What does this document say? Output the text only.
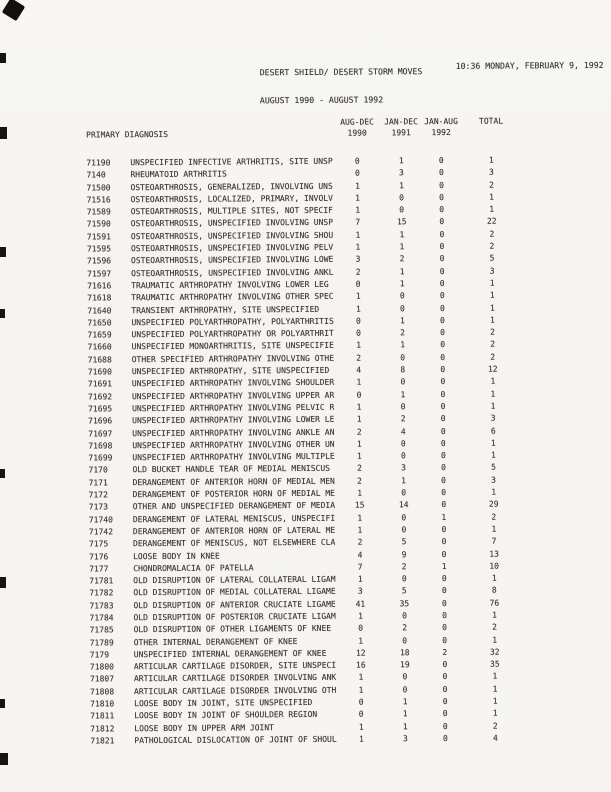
10:36 MONDAY, FEBRUARY 9, 1992
DESERT SHIELD/ DESERT STORM MOVES
AUGUST 1990 - AUGUST 1992
PRIMARY DIAGNOSIS
AUG-DEC
1990
JAN-DEC
1991
JAN-AUG
1992
TOTAL
71190	UNSPECIFIED INFECTIVE ARTHRITIS, SITE UNSP	0	1	0	1
7140	RHEUMATOID ARTHRITIS	0	3	0	3
71500	OSTEOARTHROSIS, GENERALIZED, INVOLVING UNS	1	1	0	2
71516	OSTEOARTHROSIS, LOCALIZED, PRIMARY, INVOLV	1	0	0	1
71589	OSTEOARTHROSIS, MULTIPLE SITES, NOT SPECIF	1	0	0	1
71590	OSTEOARTHROSIS, UNSPECIFIED INVOLVING UNSP	7	15	0	22
71591	OSTEOARTHROSIS, UNSPECIFIED INVOLVING SHOU	1	1	0	2
71595	OSTEOARTHROSIS, UNSPECIFIED INVOLVING PELV	1	1	0	2
71596	OSTEOARTHROSIS, UNSPECIFIED INVOLVING LOWE	3	2	0	5
71597	OSTEOARTHROSIS, UNSPECIFIED INVOLVING ANKL	2	1	0	3
71616	TRAUMATIC ARTHROPATHY INVOLVING LOWER LEG	0	1	0	1
71618	TRAUMATIC ARTHROPATHY INVOLVING OTHER SPEC	1	0	0	1
71640	TRANSIENT ARTHROPATHY, SITE UNSPECIFIED	1	0	0	1
71650	UNSPECIFIED POLYARTHROPATHY, POLYARTHRITIS	0	1	0	1
71659	UNSPECIFIED POLYARTHROPATHY OR POLYARTHRIT	0	2	0	2
71660	UNSPECIFIED MONOARTHRITIS, SITE UNSPECIFIE	1	1	0	2
71688	OTHER SPECIFIED ARTHROPATHY INVOLVING OTHE	2	0	0	2
71690	UNSPECIFIED ARTHROPATHY, SITE UNSPECIFIED	4	8	0	12
71691	UNSPECIFIED ARTHROPATHY INVOLVING SHOULDER	1	0	0	1
71692	UNSPECIFIED ARTHROPATHY INVOLVING UPPER AR	0	1	0	1
71695	UNSPECIFIED ARTHROPATHY INVOLVING PELVIC R	1	0	0	1
71696	UNSPECIFIED ARTHROPATHY INVOLVING LOWER LE	1	2	0	3
71697	UNSPECIFIED ARTHROPATHY INVOLVING ANKLE AN	2	4	0	6
71698	UNSPECIFIED ARTHROPATHY INVOLVING OTHER UN	1	0	0	1
71699	UNSPECIFIED ARTHROPATHY INVOLVING MULTIPLE	1	0	0	1
7170	OLD BUCKET HANDLE TEAR OF MEDIAL MENISCUS	2	3	0	5
7171	DERANGEMENT OF ANTERIOR HORN OF MEDIAL MEN	2	1	0	3
7172	DERANGEMENT OF POSTERIOR HORN OF MEDIAL ME	1	0	0	1
7173	OTHER AND UNSPECIFIED DERANGEMENT OF MEDIA	15	14	0	29
71740	DERANGEMENT OF LATERAL MENISCUS, UNSPECIFI	1	0	1	2
71742	DERANGEMENT OF ANTERIOR HORN OF LATERAL ME	1	0	0	1
7175	DERANGEMENT OF MENISCUS, NOT ELSEWHERE CLA	2	5	0	7
7176	LOOSE BODY IN KNEE	4	9	0	13
7177	CHONDROMALACIA OF PATELLA	7	2	1	10
71781	OLD DISRUPTION OF LATERAL COLLATERAL LIGAM	1	0	0	1
71782	OLD DISRUPTION OF MEDIAL COLLATERAL LIGAME	3	5	0	8
71783	OLD DISRUPTION OF ANTERIOR CRUCIATE LIGAME	41	35	0	76
71784	OLD DISRUPTION OF POSTERIOR CRUCIATE LIGAM	1	0	0	1
71785	OLD DISRUPTION OF OTHER LIGAMENTS OF KNEE	0	2	0	2
71789	OTHER INTERNAL DERANGEMENT OF KNEE	1	0	0	1
7179	UNSPECIFIED INTERNAL DERANGEMENT OF KNEE	12	18	2	32
71800	ARTICULAR CARTILAGE DISORDER, SITE UNSPECI	16	19	0	35
71807	ARTICULAR CARTILAGE DISORDER INVOLVING ANK	1	0	0	1
71808	ARTICULAR CARTILAGE DISORDER INVOLVING OTH	1	0	0	1
71810	LOOSE BODY IN JOINT, SITE UNSPECIFIED	0	1	0	1
71811	LOOSE BODY IN JOINT OF SHOULDER REGION	0	1	0	1
71812	LOOSE BODY IN UPPER ARM JOINT	1	1	0	2
71821	PATHOLOGICAL DISLOCATION OF JOINT OF SHOUL	1	3	0	4
